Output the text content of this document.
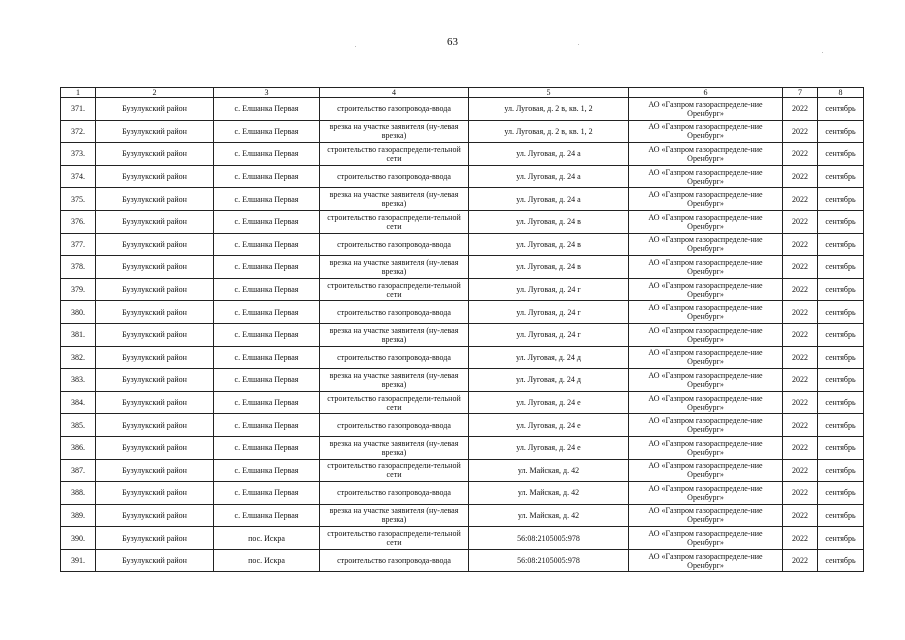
63
1	2	3	4	5	6	7	8
371.	Бузулукский район	с. Елшанка Первая	строительство газопровода-ввода	ул. Луговая, д. 2 в, кв. 1, 2	АО «Газпром газораспределе-ние Оренбург»	2022	сентябрь
372.	Бузулукский район	с. Елшанка Первая	врезка на участке заявителя (ну-левая врезка)	ул. Луговая, д. 2 в, кв. 1, 2	АО «Газпром газораспределе-ние Оренбург»	2022	сентябрь
373.	Бузулукский район	с. Елшанка Первая	строительство газораспредели-тельной сети	ул. Луговая, д. 24 а	АО «Газпром газораспределе-ние Оренбург»	2022	сентябрь
374.	Бузулукский район	с. Елшанка Первая	строительство газопровода-ввода	ул. Луговая, д. 24 а	АО «Газпром газораспределе-ние Оренбург»	2022	сентябрь
375.	Бузулукский район	с. Елшанка Первая	врезка на участке заявителя (ну-левая врезка)	ул. Луговая, д. 24 а	АО «Газпром газораспределе-ние Оренбург»	2022	сентябрь
376.	Бузулукский район	с. Елшанка Первая	строительство газораспредели-тельной сети	ул. Луговая, д. 24 в	АО «Газпром газораспределе-ние Оренбург»	2022	сентябрь
377.	Бузулукский район	с. Елшанка Первая	строительство газопровода-ввода	ул. Луговая, д. 24 в	АО «Газпром газораспределе-ние Оренбург»	2022	сентябрь
378.	Бузулукский район	с. Елшанка Первая	врезка на участке заявителя (ну-левая врезка)	ул. Луговая, д. 24 в	АО «Газпром газораспределе-ние Оренбург»	2022	сентябрь
379.	Бузулукский район	с. Елшанка Первая	строительство газораспредели-тельной сети	ул. Луговая, д. 24 г	АО «Газпром газораспределе-ние Оренбург»	2022	сентябрь
380.	Бузулукский район	с. Елшанка Первая	строительство газопровода-ввода	ул. Луговая, д. 24 г	АО «Газпром газораспределе-ние Оренбург»	2022	сентябрь
381.	Бузулукский район	с. Елшанка Первая	врезка на участке заявителя (ну-левая врезка)	ул. Луговая, д. 24 г	АО «Газпром газораспределе-ние Оренбург»	2022	сентябрь
382.	Бузулукский район	с. Елшанка Первая	строительство газопровода-ввода	ул. Луговая, д. 24 д	АО «Газпром газораспределе-ние Оренбург»	2022	сентябрь
383.	Бузулукский район	с. Елшанка Первая	врезка на участке заявителя (ну-левая врезка)	ул. Луговая, д. 24 д	АО «Газпром газораспределе-ние Оренбург»	2022	сентябрь
384.	Бузулукский район	с. Елшанка Первая	строительство газораспредели-тельной сети	ул. Луговая, д. 24 е	АО «Газпром газораспределе-ние Оренбург»	2022	сентябрь
385.	Бузулукский район	с. Елшанка Первая	строительство газопровода-ввода	ул. Луговая, д. 24 е	АО «Газпром газораспределе-ние Оренбург»	2022	сентябрь
386.	Бузулукский район	с. Елшанка Первая	врезка на участке заявителя (ну-левая врезка)	ул. Луговая, д. 24 е	АО «Газпром газораспределе-ние Оренбург»	2022	сентябрь
387.	Бузулукский район	с. Елшанка Первая	строительство газораспредели-тельной сети	ул. Майская, д. 42	АО «Газпром газораспределе-ние Оренбург»	2022	сентябрь
388.	Бузулукский район	с. Елшанка Первая	строительство газопровода-ввода	ул. Майская, д. 42	АО «Газпром газораспределе-ние Оренбург»	2022	сентябрь
389.	Бузулукский район	с. Елшанка Первая	врезка на участке заявителя (ну-левая врезка)	ул. Майская, д. 42	АО «Газпром газораспределе-ние Оренбург»	2022	сентябрь
390.	Бузулукский район	пос. Искра	строительство газораспредели-тельной сети	56:08:2105005:978	АО «Газпром газораспределе-ние Оренбург»	2022	сентябрь
391.	Бузулукский район	пос. Искра	строительство газопровода-ввода	56:08:2105005:978	АО «Газпром газораспределе-ние Оренбург»	2022	сентябрь
